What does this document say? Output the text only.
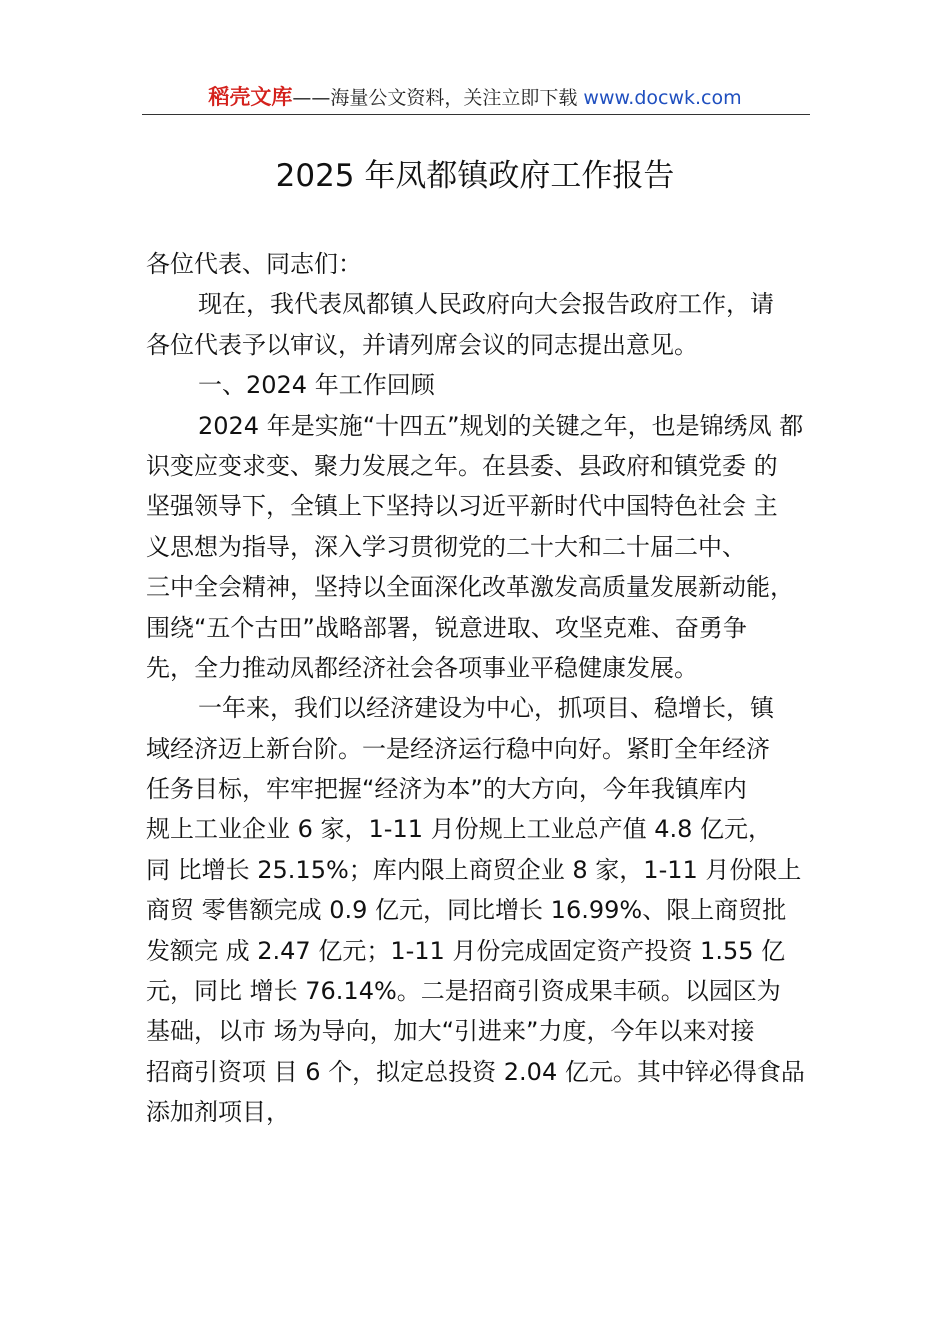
稻壳文库——海量公文资料，关注立即下载 www.docwk.com
2025 年凤都镇政府工作报告
各位代表、同志们：
现在，我代表凤都镇人民政府向大会报告政府工作，请
各位代表予以审议，并请列席会议的同志提出意见。
一、2024 年工作回顾
2024 年是实施“十四五”规划的关键之年，也是锦绣凤 都
识变应变求变、聚力发展之年。在县委、县政府和镇党委 的
坚强领导下，全镇上下坚持以习近平新时代中国特色社会 主
义思想为指导，深入学习贯彻党的二十大和二十届二中、
三中全会精神，坚持以全面深化改革激发高质量发展新动能，
围绕“五个古田”战略部署，锐意进取、攻坚克难、奋勇争
先，全力推动凤都经济社会各项事业平稳健康发展。
一年来，我们以经济建设为中心，抓项目、稳增长，镇
域经济迈上新台阶。一是经济运行稳中向好。紧盯全年经济
任务目标，牢牢把握“经济为本”的大方向，今年我镇库内
规上工业企业 6 家，1-11 月份规上工业总产值 4.8 亿元，
同 比增长 25.15%；库内限上商贸企业 8 家，1-11 月份限上
商贸 零售额完成 0.9 亿元，同比增长 16.99%、限上商贸批
发额完 成 2.47 亿元；1-11 月份完成固定资产投资 1.55 亿
元，同比 增长 76.14%。二是招商引资成果丰硕。以园区为
基础，以市 场为导向，加大“引进来”力度，今年以来对接
招商引资项 目 6 个，拟定总投资 2.04 亿元。其中锌必得食品
添加剂项目，
